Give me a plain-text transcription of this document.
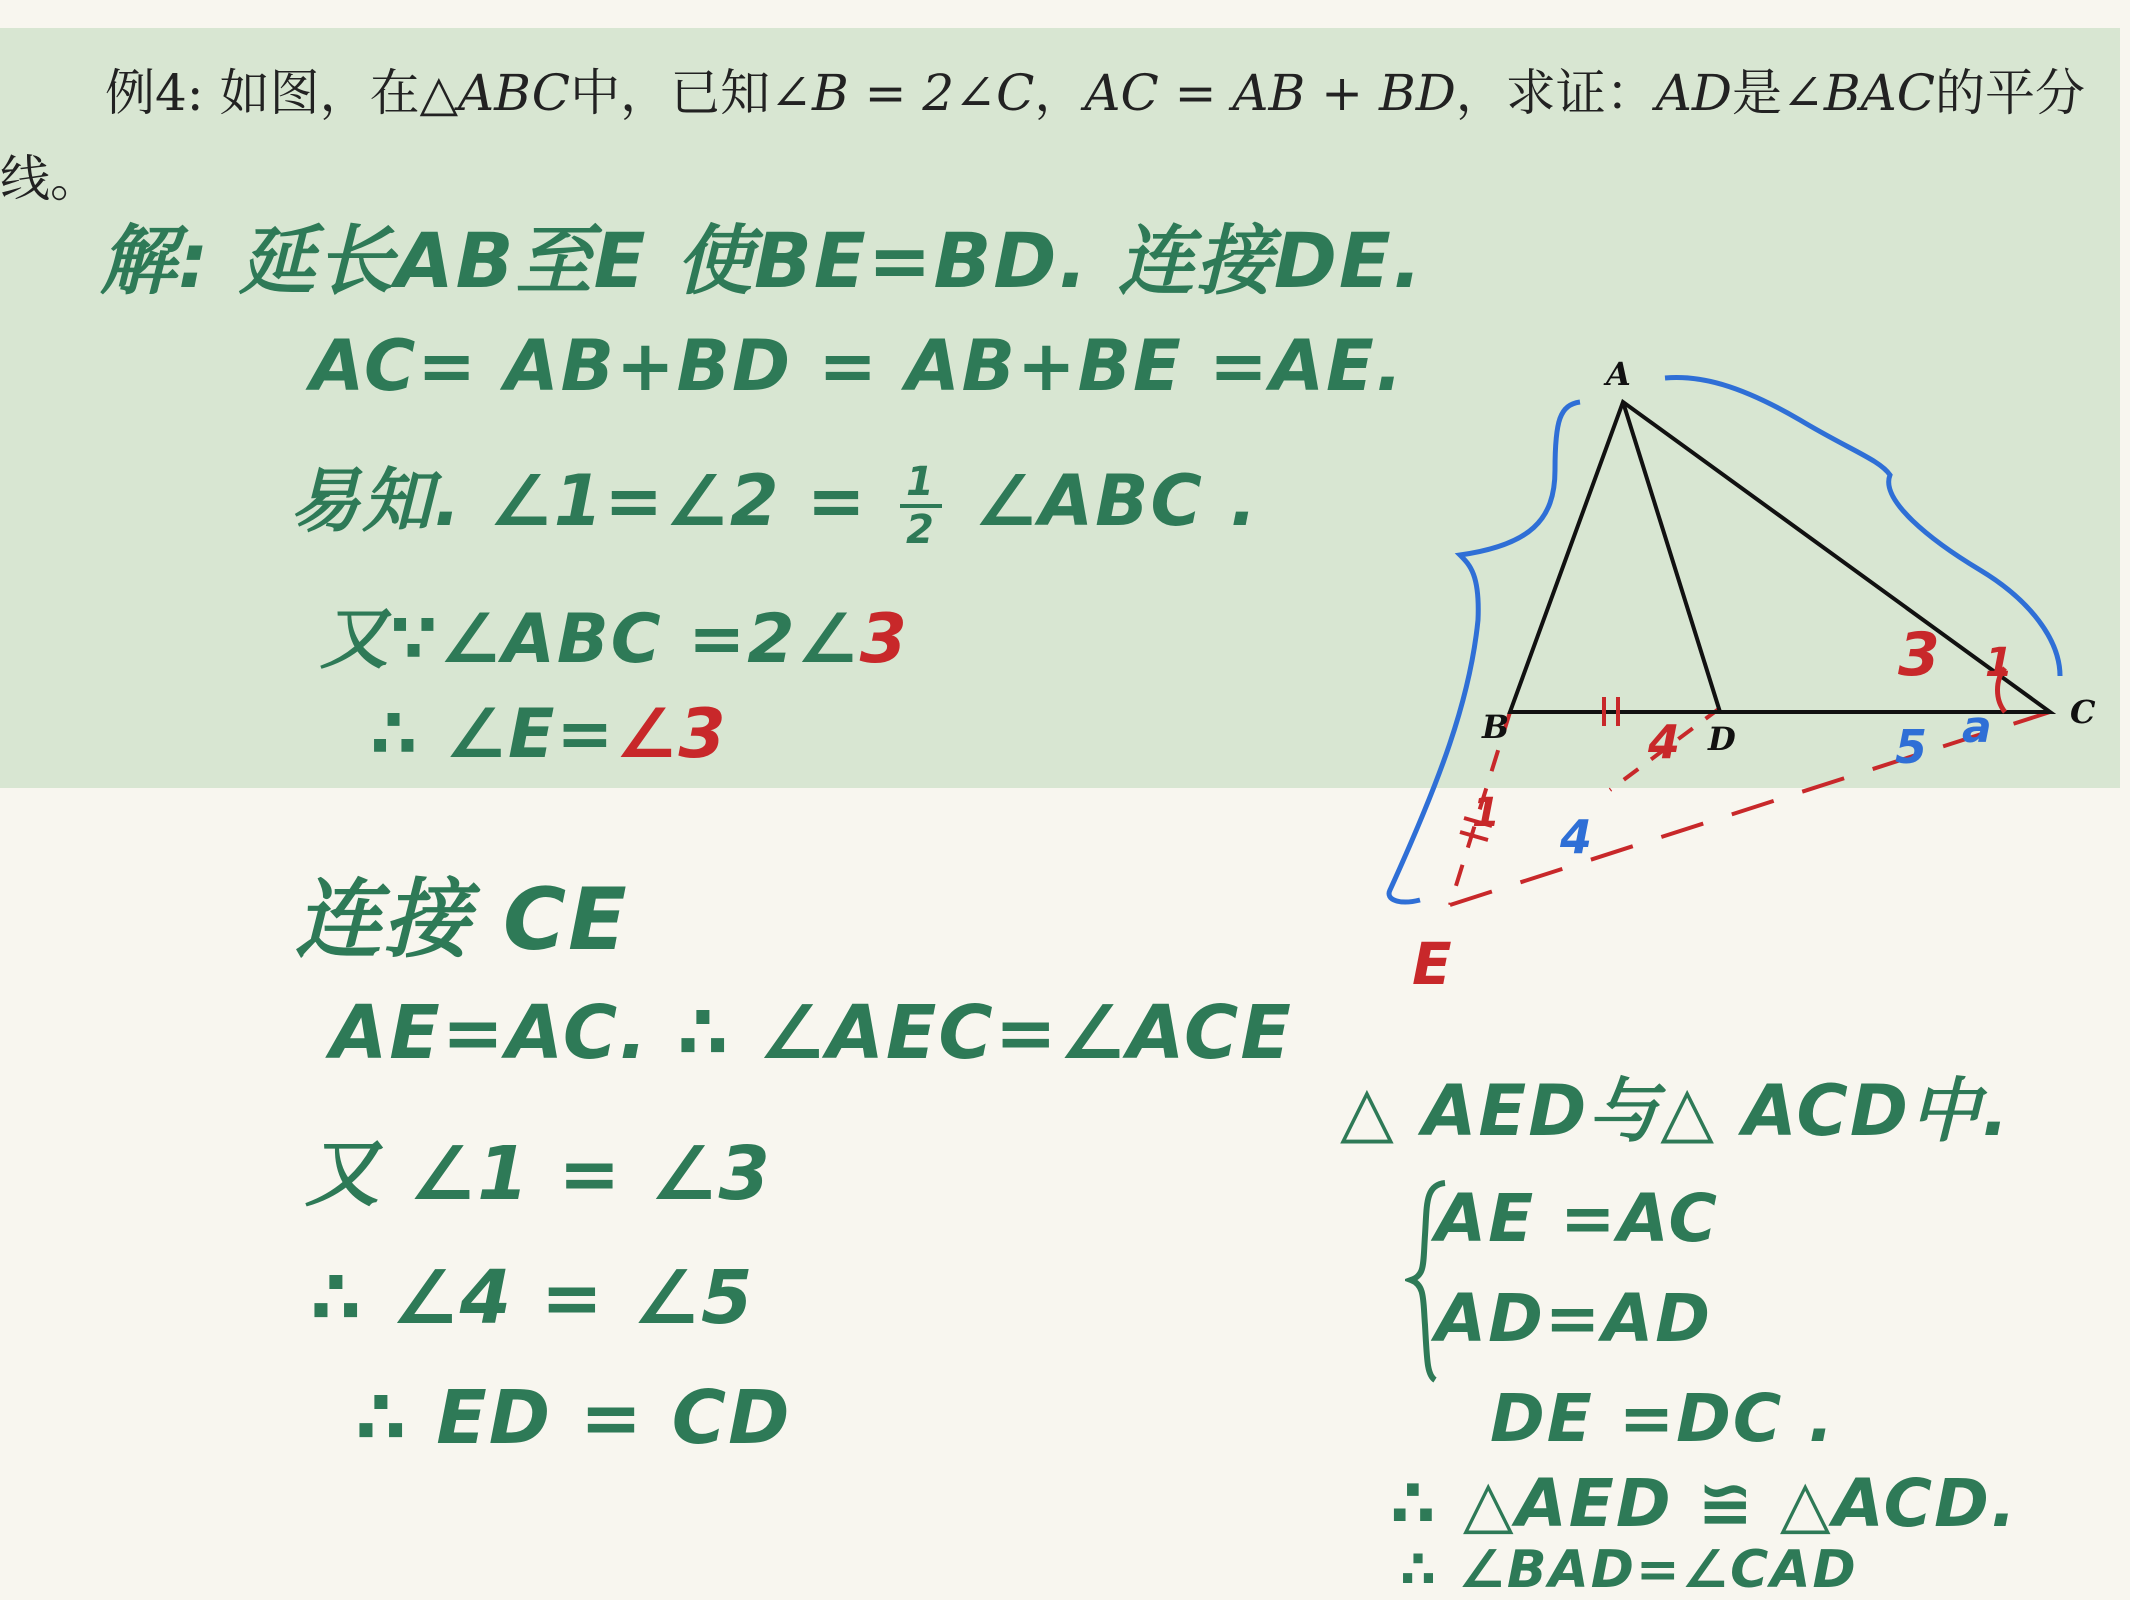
例4: 如图，在△ABC中，已知∠B = 2∠C，AC = AB + BD，求证：AD是∠BAC的平分线。
解: 延长AB至E 使BE=BD. 连接DE.
AC= AB+BD = AB+BE =AE.
易知. ∠1=∠2 = $\frac{1}{2}$ ∠ABC .
又∵∠ABC =2∠3
∴ ∠E=∠3
连接 CE
AE=AC. ∴ ∠AEC=∠ACE
又 ∠1 = ∠3
∴ ∠4 = ∠5
∴ ED = CD
△ AED与△ ACD中.
AE =AC
AD=AD
DE =DC .
∴ △AED ≌ △ACD.
∴ ∠BAD=∠CAD
A
B	D
C
E
3
4
1
1
5 a
4
